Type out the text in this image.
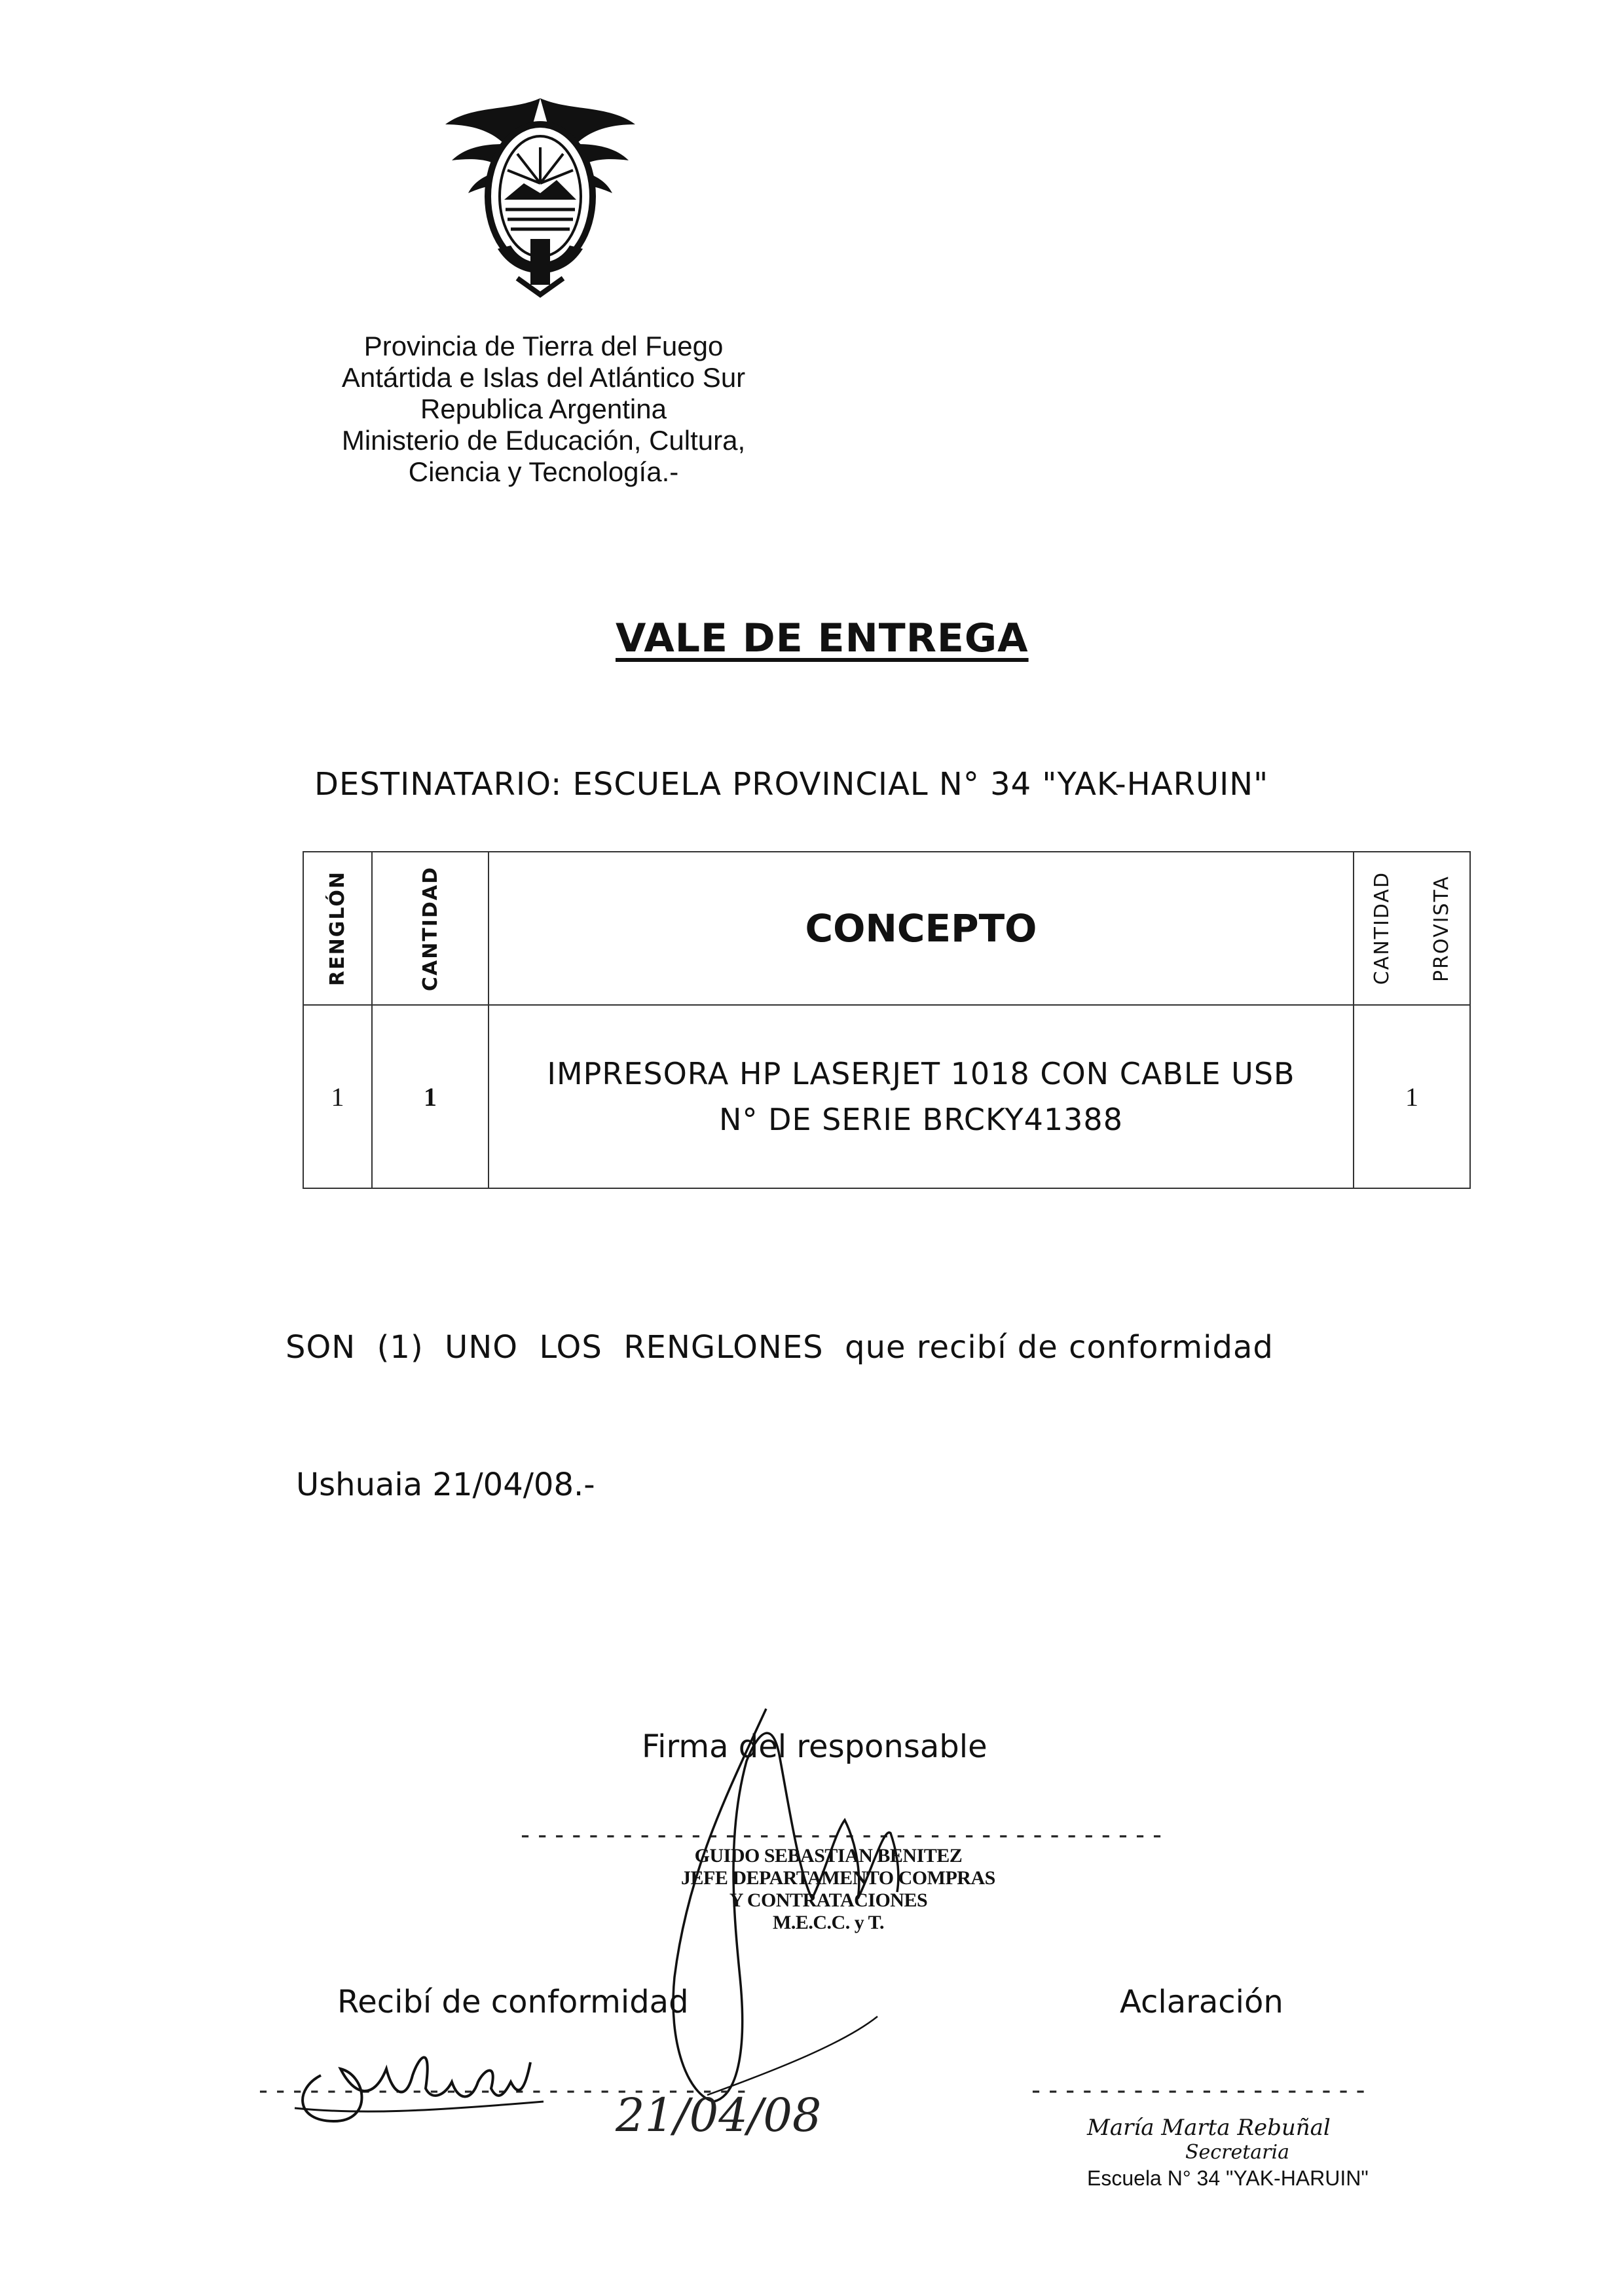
Provincia de Tierra del Fuego
Antártida e Islas del Atlántico Sur
Republica Argentina
Ministerio de Educación, Cultura,
Ciencia y Tecnología.-
VALE DE ENTREGA
DESTINATARIO: ESCUELA PROVINCIAL N° 34 "YAK-HARUIN"
RENGLÓN	CANTIDAD	CONCEPTO	CANTIDAD PROVISTA

1	1	IMPRESORA HP LASERJET 1018 CON CABLE USB
N° DE SERIE BRCKY41388	1
SON  (1)  UNO  LOS  RENGLONES  que recibí de conformidad
Ushuaia 21/04/08.-
Firma del responsable
--------------------------------------
GUIDO SEBASTIAN BENITEZ
JEFE DEPARTAMENTO COMPRAS
Y CONTRATACIONES
M.E.C.C. y T.
Recibí de conformidad	Aclaración
-----------------------------	--------------------
21/04/08	María Marta Rebuñal
Secretaria
Escuela N° 34 "YAK-HARUIN"
